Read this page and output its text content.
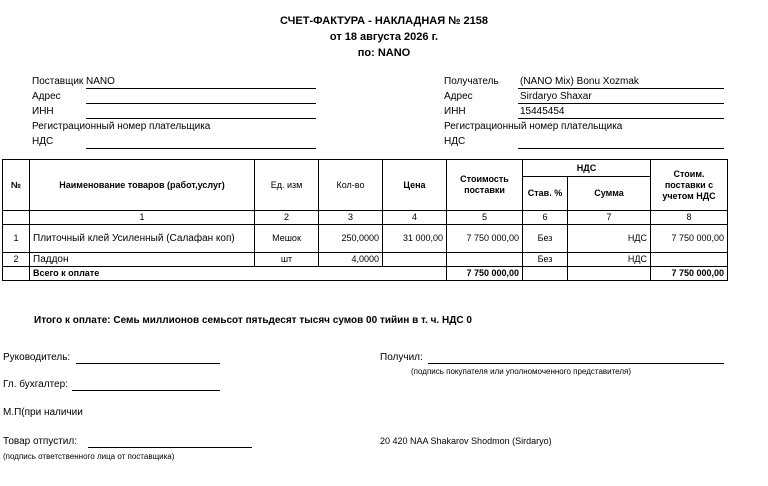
СЧЕТ-ФАКТУРА - НАКЛАДНАЯ № 2158
от 18 августа 2026 г.
по: NANO
Поставщик NANO
Адрес
ИНН
Регистрационный номер плательщика
НДС
Получатель (NANO Mix) Bonu Xozmak
Адрес	Sirdaryo Shaxar
ИНН	15445454
Регистрационный номер плательщика
НДС
№	Наименование товаров (работ,услуг)	Ед. изм	Кол-во	Цена	Стоимость поставки	НДС		Стоим. поставки с учетом НДС
						Став. %	Сумма	
	1	2	3	4	5	6	7	8
1	Плиточный клей Усиленный (Салафан коп)	Мешок	250,0000	31 000,00	7 750 000,00	Без	НДС	7 750 000,00
2	Паддон	шт	4,0000			Без	НДС	
	Всего к оплате				7 750 000,00			7 750 000,00
Итого к оплате: Семь миллионов семьсот пятьдесят тысяч сумов 00 тийин в т. ч. НДС 0
Руководитель:	Получил:
(подпись покупателя или уполномоченного представителя)
Гл. бухгалтер:
М.П(при наличии
Товар отпустил:
(подпись ответственного лица от поставщика)
20 420 NAA Shakarov Shodmon (Sirdaryo)
